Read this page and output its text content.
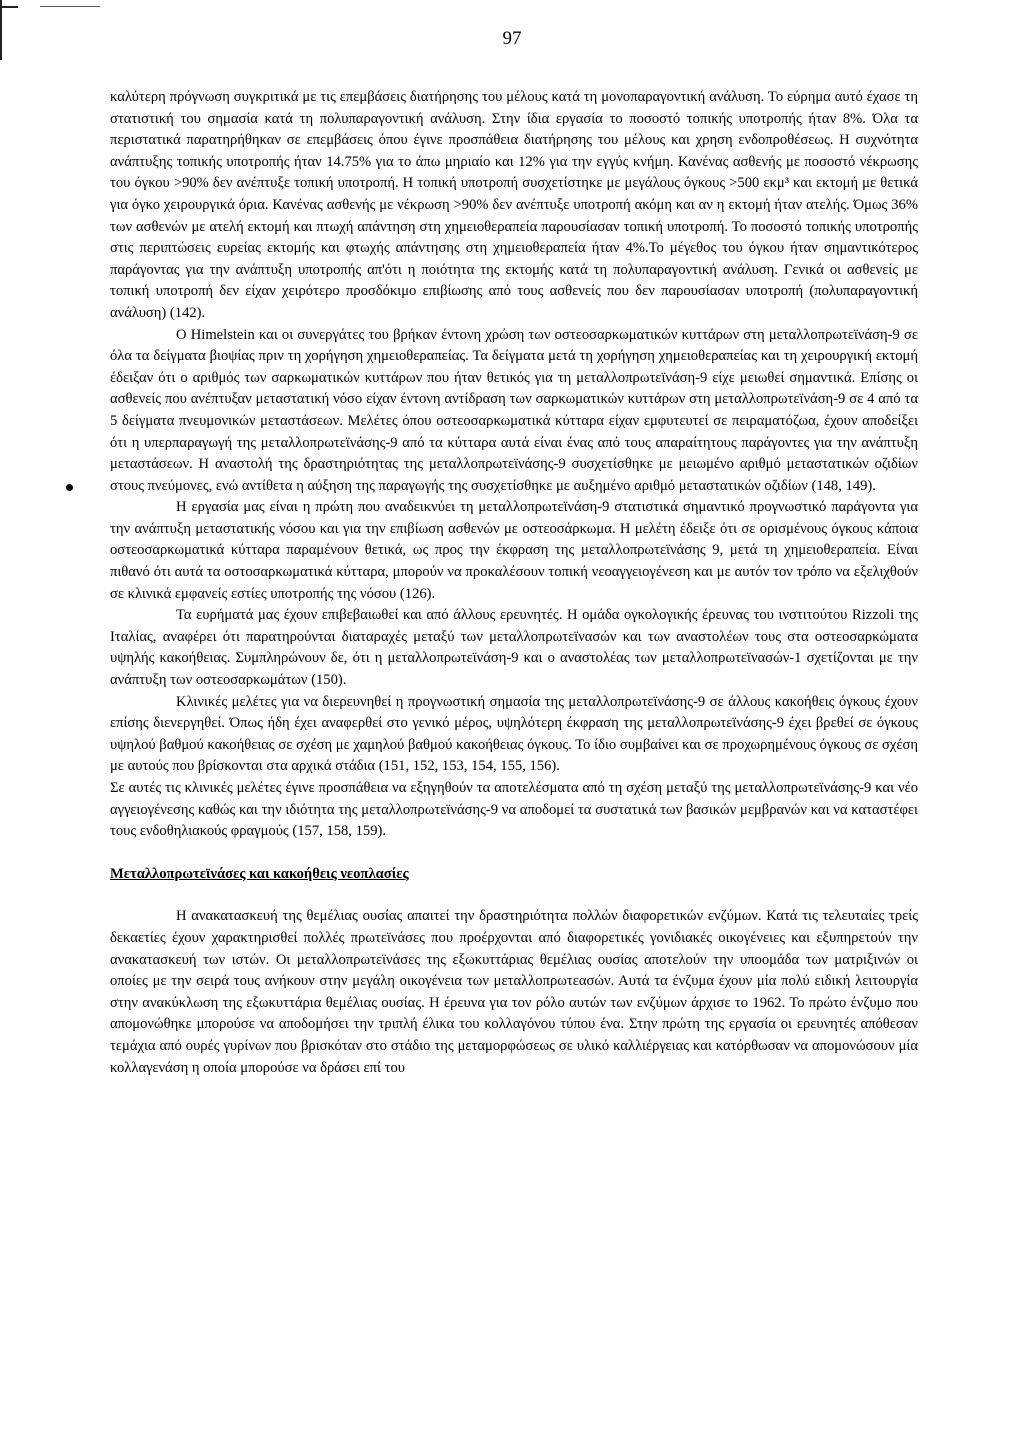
97

καλύτερη πρόγνωση συγκριτικά με τις επεμβάσεις διατήρησης του μέλους κατά τη μονοπαραγοντική ανάλυση. Το εύρημα αυτό έχασε τη στατιστική του σημασία κατά τη πολυπαραγοντική ανάλυση. Στην ίδια εργασία το ποσοστό τοπικής υποτροπής ήταν 8%. Όλα τα περιστατικά παρατηρήθηκαν σε επεμβάσεις όπου έγινε προσπάθεια διατήρησης του μέλους και χρηση ενδοπροθέσεως. Η συχνότητα ανάπτυξης τοπικής υποτροπής ήταν 14.75% για το άπω μηριαίο και 12% για την εγγύς κνήμη. Κανένας ασθενής με ποσοστό νέκρωσης του όγκου >90% δεν ανέπτυξε τοπική υποτροπή. Η τοπική υποτροπή συσχετίστηκε με μεγάλους όγκους >500 εκμ³ και εκτομή με θετικά για όγκο χειρουργικά όρια. Κανένας ασθενής με νέκρωση >90% δεν ανέπτυξε υποτροπή ακόμη και αν η εκτομή ήταν ατελής. Όμως 36% των ασθενών με ατελή εκτομή και πτωχή απάντηση στη χημειοθεραπεία παρουσίασαν τοπική υποτροπή. Το ποσοστό τοπικής υποτροπής στις περιπτώσεις ευρείας εκτομής και φτωχής απάντησης στη χημειοθεραπεία ήταν 4%.Το μέγεθος του όγκου ήταν σημαντικότερος παράγοντας για την ανάπτυξη υποτροπής απ'ότι η ποιότητα της εκτομής κατά τη πολυπαραγοντική ανάλυση. Γενικά οι ασθενείς με τοπική υποτροπή δεν είχαν χειρότερο προσδόκιμο επιβίωσης από τους ασθενείς που δεν παρουσίασαν υποτροπή (πολυπαραγοντική ανάλυση) (142).

Ο Himelstein και οι συνεργάτες του βρήκαν έντονη χρώση των οστεοσαρκωματικών κυττάρων στη μεταλλοπρωτεϊνάση-9 σε όλα τα δείγματα βιοψίας πριν τη χορήγηση χημειοθεραπείας. Τα δείγματα μετά τη χορήγηση χημειοθεραπείας και τη χειρουργική εκτομή έδειξαν ότι ο αριθμός των σαρκωματικών κυττάρων που ήταν θετικός για τη μεταλλοπρωτεϊνάση-9 είχε μειωθεί σημαντικά. Επίσης οι ασθενείς που ανέπτυξαν μεταστατική νόσο είχαν έντονη αντίδραση των σαρκωματικών κυττάρων στη μεταλλοπρωτεϊνάση-9 σε 4 από τα 5 δείγματα πνευμονικών μεταστάσεων. Μελέτες όπου οστεοσαρκωματικά κύτταρα είχαν εμφυτευτεί σε πειραματόζωα, έχουν αποδείξει ότι η υπερπαραγωγή της μεταλλοπρωτεϊνάσης-9 από τα κύτταρα αυτά είναι ένας από τους απαραίτητους παράγοντες για την ανάπτυξη μεταστάσεων. Η αναστολή της δραστηριότητας της μεταλλοπρωτεϊνάσης-9 συσχετίσθηκε με μειωμένο αριθμό μεταστατικών οζιδίων στους πνεύμονες, ενώ αντίθετα η αύξηση της παραγωγής της συσχετίσθηκε με αυξημένο αριθμό μεταστατικών οζιδίων (148, 149).

Η εργασία μας είναι η πρώτη που αναδεικνύει τη μεταλλοπρωτεϊνάση-9 στατιστικά σημαντικό προγνωστικό παράγοντα για την ανάπτυξη μεταστατικής νόσου και για την επιβίωση ασθενών με οστεοσάρκωμα. Η μελέτη έδειξε ότι σε ορισμένους όγκους κάποια οστεοσαρκωματικά κύτταρα παραμένουν θετικά, ως προς την έκφραση της μεταλλοπρωτεϊνάσης 9, μετά τη χημειοθεραπεία. Είναι πιθανό ότι αυτά τα οστοσαρκωματικά κύτταρα, μπορούν να προκαλέσουν τοπική νεοαγγειογένεση και με αυτόν τον τρόπο να εξελιχθούν σε κλινικά εμφανείς εστίες υποτροπής της νόσου (126).

Τα ευρήματά μας έχουν επιβεβαιωθεί και από άλλους ερευνητές. Η ομάδα ογκολογικής έρευνας του ινστιτούτου Rizzoli της Ιταλίας, αναφέρει ότι παρατηρούνται διαταραχές μεταξύ των μεταλλοπρωτεϊνασών και των αναστολέων τους στα οστεοσαρκώματα υψηλής κακοήθειας. Συμπληρώνουν δε, ότι η μεταλλοπρωτεϊνάση-9 και ο αναστολέας των μεταλλοπρωτεϊνασών-1 σχετίζονται με την ανάπτυξη των οστεοσαρκωμάτων (150).

Κλινικές μελέτες για να διερευνηθεί η προγνωστική σημασία της μεταλλοπρωτεϊνάσης-9 σε άλλους κακοήθεις όγκους έχουν επίσης διενεργηθεί. Όπως ήδη έχει αναφερθεί στο γενικό μέρος, υψηλότερη έκφραση της μεταλλοπρωτεϊνάσης-9 έχει βρεθεί σε όγκους υψηλού βαθμού κακοήθειας σε σχέση με χαμηλού βαθμού κακοήθειας όγκους. Το ίδιο συμβαίνει και σε προχωρημένους όγκους σε σχέση με αυτούς που βρίσκονται στα αρχικά στάδια (151, 152, 153, 154, 155, 156).

Σε αυτές τις κλινικές μελέτες έγινε προσπάθεια να εξηγηθούν τα αποτελέσματα από τη σχέση μεταξύ της μεταλλοπρωτεϊνάσης-9 και νέο αγγειογένεσης καθώς και την ιδιότητα της μεταλλοπρωτεϊνάσης-9 να αποδομεί τα συστατικά των βασικών μεμβρανών και να καταστέφει τους ενδοθηλιακούς φραγμούς (157, 158, 159).

Μεταλλοπρωτεϊνάσες και κακοήθεις νεοπλασίες

Η ανακατασκευή της θεμέλιας ουσίας απαιτεί την δραστηριότητα πολλών διαφορετικών ενζύμων. Κατά τις τελευταίες τρείς δεκαετίες έχουν χαρακτηρισθεί πολλές πρωτεϊνάσες που προέρχονται από διαφορετικές γονιδιακές οικογένειες και εξυπηρετούν την ανακατασκευή των ιστών. Οι μεταλλοπρωτεϊνάσες της εξωκυττάριας θεμέλιας ουσίας αποτελούν την υποομάδα των ματριξινών οι οποίες με την σειρά τους ανήκουν στην μεγάλη οικογένεια των μεταλλοπρωτεασών. Αυτά τα ένζυμα έχουν μία πολύ ειδική λειτουργία στην ανακύκλωση της εξωκυττάρια θεμέλιας ουσίας. Η έρευνα για τον ρόλο αυτών των ενζύμων άρχισε το 1962. Το πρώτο ένζυμο που απομονώθηκε μπορούσε να αποδομήσει την τριπλή έλικα του κολλαγόνου τύπου ένα. Στην πρώτη της εργασία οι ερευνητές απόθεσαν τεμάχια από ουρές γυρίνων που βρισκόταν στο στάδιο της μεταμορφώσεως σε υλικό καλλιέργειας και κατόρθωσαν να απομονώσουν μία κολλαγενάση η οποία μπορούσε να δράσει επί του
